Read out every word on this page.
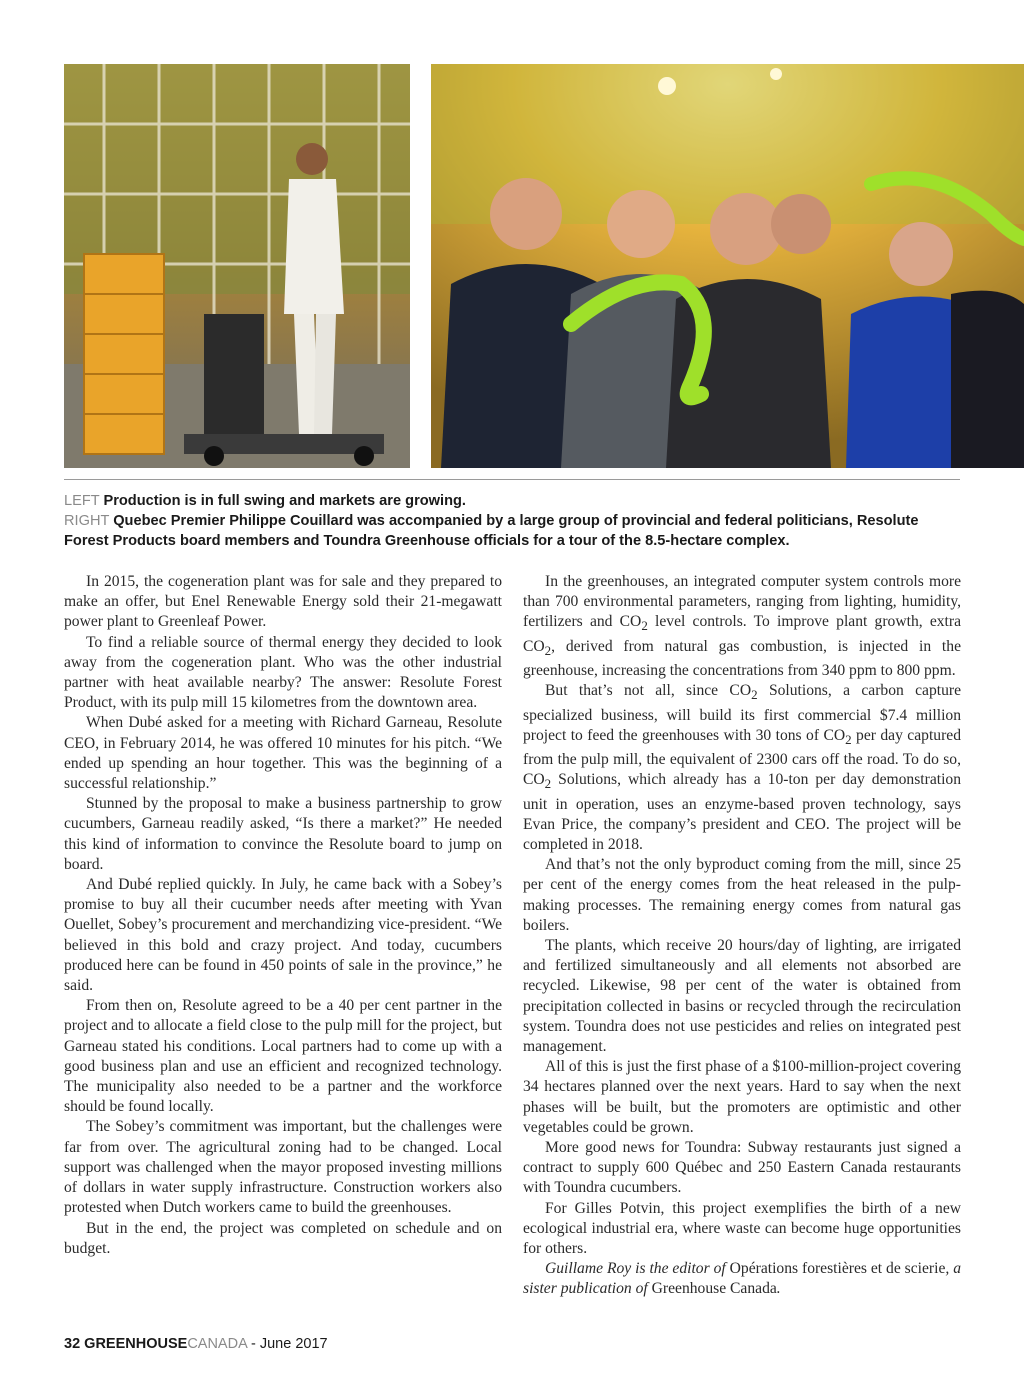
LEFT Production is in full swing and markets are growing.
RIGHT Quebec Premier Philippe Couillard was accompanied by a large group of provincial and federal politicians, Resolute Forest Products board members and Toundra Greenhouse officials for a tour of the 8.5-hectare complex.

In 2015, the cogeneration plant was for sale and they prepared to make an offer, but Enel Renewable Energy sold their 21-megawatt power plant to Greenleaf Power.

To find a reliable source of thermal energy they decided to look away from the cogeneration plant. Who was the other industrial partner with heat available nearby? The answer: Resolute Forest Product, with its pulp mill 15 kilometres from the downtown area.

When Dubé asked for a meeting with Richard Garneau, Resolute CEO, in February 2014, he was offered 10 minutes for his pitch. “We ended up spending an hour together. This was the beginning of a successful relationship.”

Stunned by the proposal to make a business partnership to grow cucumbers, Garneau readily asked, “Is there a market?” He needed this kind of information to convince the Resolute board to jump on board.

And Dubé replied quickly. In July, he came back with a Sobey’s promise to buy all their cucumber needs after meeting with Yvan Ouellet, Sobey’s procurement and merchandizing vice-president. “We believed in this bold and crazy project. And today, cucumbers produced here can be found in 450 points of sale in the province,” he said.

From then on, Resolute agreed to be a 40 per cent partner in the project and to allocate a field close to the pulp mill for the project, but Garneau stated his conditions. Local partners had to come up with a good business plan and use an efficient and recognized technology. The municipality also needed to be a partner and the workforce should be found locally.

The Sobey’s commitment was important, but the challenges were far from over. The agricultural zoning had to be changed. Local support was challenged when the mayor proposed investing millions of dollars in water supply infrastructure. Construction workers also protested when Dutch workers came to build the greenhouses.

But in the end, the project was completed on schedule and on budget.

In the greenhouses, an integrated computer system controls more than 700 environmental parameters, ranging from lighting, humidity, fertilizers and $CO_2$ level controls. To improve plant growth, extra $CO_2$, derived from natural gas combustion, is injected in the greenhouse, increasing the concentrations from 340 ppm to 800 ppm.

But that’s not all, since $CO_2$ Solutions, a carbon capture specialized business, will build its first commercial $7.4 million project to feed the greenhouses with 30 tons of $CO_2$ per day captured from the pulp mill, the equivalent of 2300 cars off the road. To do so, $CO_2$ Solutions, which already has a 10-ton per day demonstration unit in operation, uses an enzyme-based proven technology, says Evan Price, the company’s president and CEO. The project will be completed in 2018.

And that’s not the only byproduct coming from the mill, since 25 per cent of the energy comes from the heat released in the pulp-making processes. The remaining energy comes from natural gas boilers.

The plants, which receive 20 hours/day of lighting, are irrigated and fertilized simultaneously and all elements not absorbed are recycled. Likewise, 98 per cent of the water is obtained from precipitation collected in basins or recycled through the recirculation system. Toundra does not use pesticides and relies on integrated pest management.

All of this is just the first phase of a $100-million-project covering 34 hectares planned over the next years. Hard to say when the next phases will be built, but the promoters are optimistic and other vegetables could be grown.

More good news for Toundra: Subway restaurants just signed a contract to supply 600 Québec and 250 Eastern Canada restaurants with Toundra cucumbers.

For Gilles Potvin, this project exemplifies the birth of a new ecological industrial era, where waste can become huge opportunities for others.

Guillame Roy is the editor of Opérations forestières et de scierie, a sister publication of Greenhouse Canada.

32 GREENHOUSECANADA - June 2017
